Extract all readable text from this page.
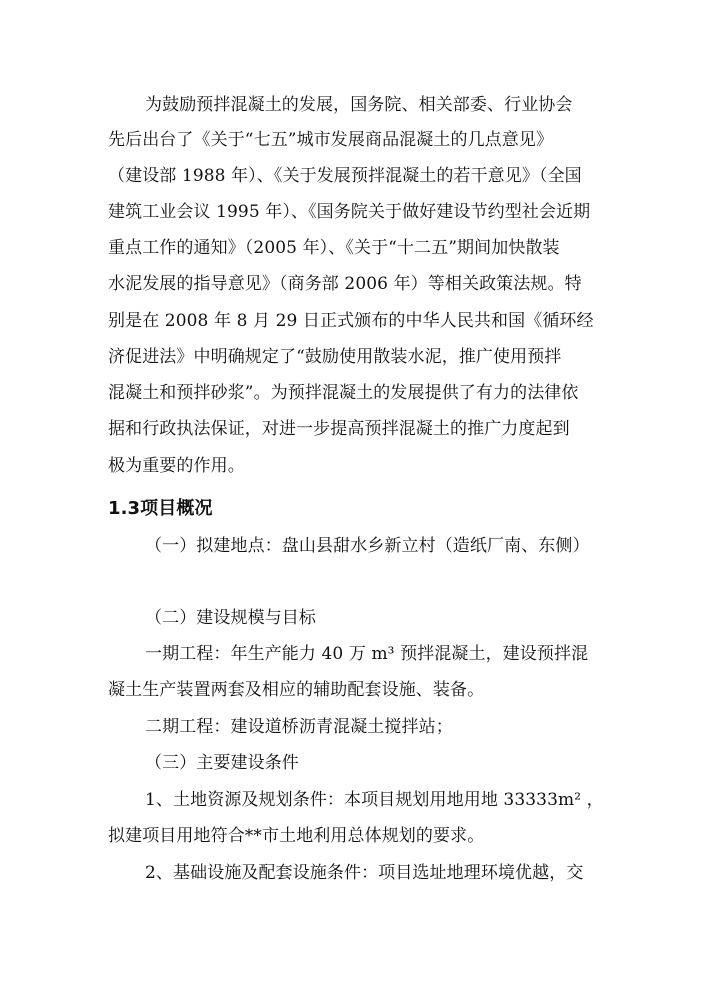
为鼓励预拌混凝土的发展，国务院、相关部委、行业协会
先后出台了《关于“七五”城市发展商品混凝土的几点意见》
（建设部 1988 年）、《关于发展预拌混凝土的若干意见》（全国
建筑工业会议 1995 年）、《国务院关于做好建设节约型社会近期
重点工作的通知》（2005 年）、《关于“十二五”期间加快散装
水泥发展的指导意见》（商务部 2006 年）等相关政策法规。特
别是在 2008 年 8 月 29 日正式颁布的中华人民共和国《循环经
济促进法》中明确规定了“鼓励使用散装水泥，推广使用预拌
混凝土和预拌砂浆”。为预拌混凝土的发展提供了有力的法律依
据和行政执法保证，对进一步提高预拌混凝土的推广力度起到
极为重要的作用。
1.3项目概况
（一）拟建地点：盘山县甜水乡新立村（造纸厂南、东侧）
（二）建设规模与目标
一期工程：年生产能力 40 万 m³ 预拌混凝土，建设预拌混
凝土生产装置两套及相应的辅助配套设施、装备。
二期工程：建设道桥沥青混凝土搅拌站；
（三）主要建设条件
1、土地资源及规划条件：本项目规划用地用地 33333m² ，
拟建项目用地符合**市土地利用总体规划的要求。
2、基础设施及配套设施条件：项目选址地理环境优越，交
